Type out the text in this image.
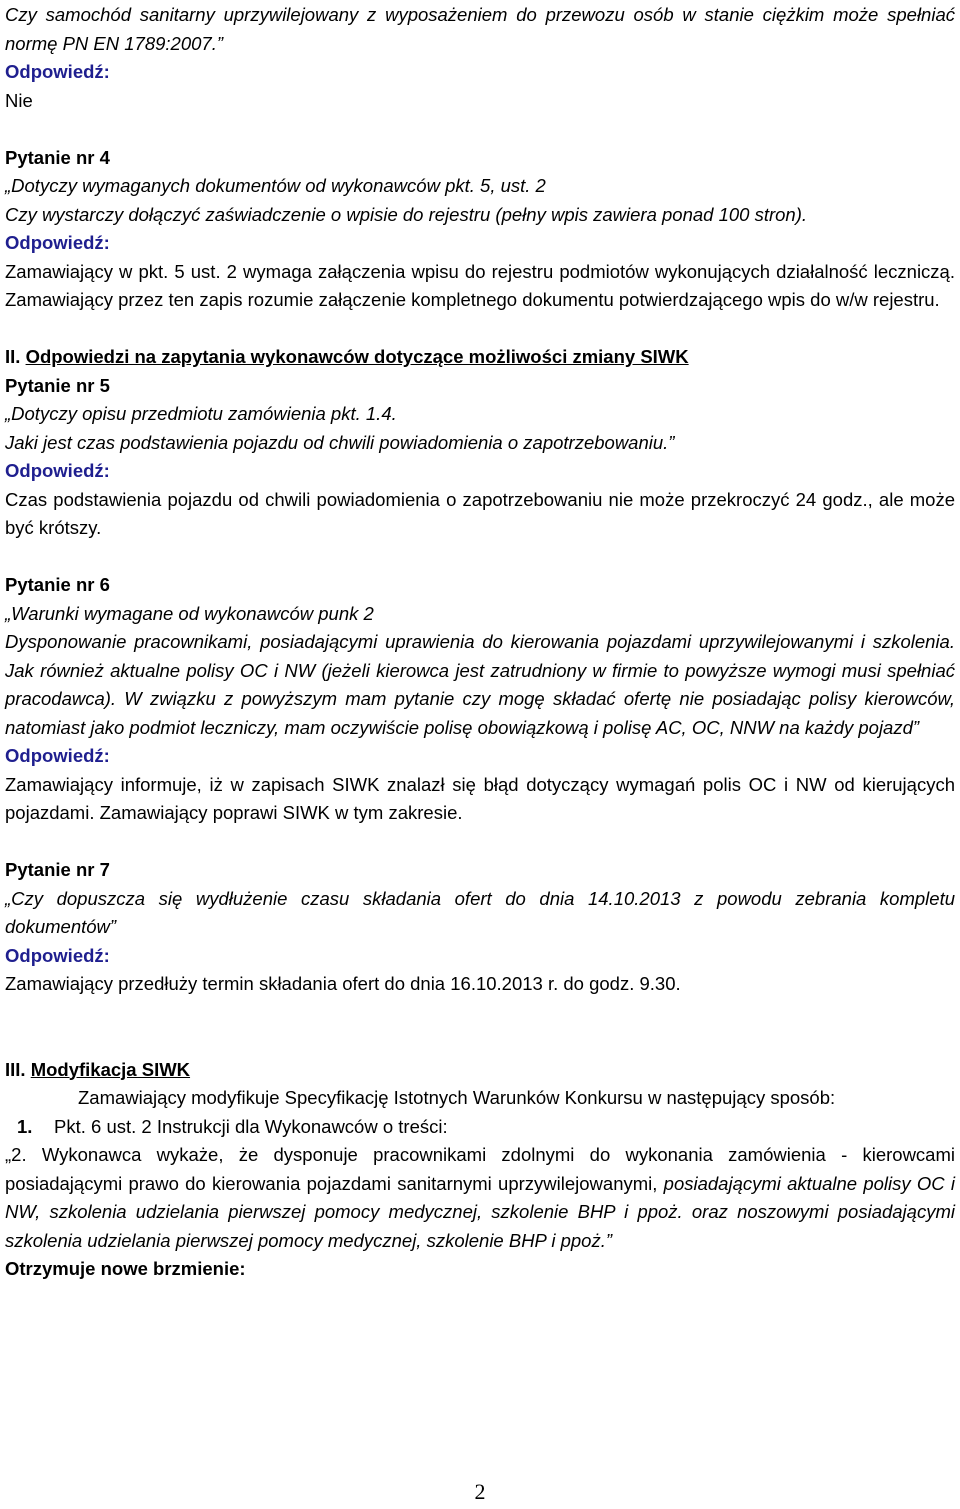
Czy samochód sanitarny uprzywilejowany z wyposażeniem do przewozu osób w stanie ciężkim może spełniać normę PN EN 1789:2007.”

Odpowiedź:

Nie

Pytanie nr 4

„Dotyczy wymaganych dokumentów od wykonawców pkt. 5, ust. 2

Czy wystarczy dołączyć zaświadczenie o wpisie do rejestru (pełny wpis zawiera ponad 100 stron).

Odpowiedź:

Zamawiający w pkt. 5 ust. 2 wymaga załączenia wpisu do rejestru podmiotów wykonujących działalność leczniczą. Zamawiający przez ten zapis rozumie załączenie kompletnego dokumentu potwierdzającego wpis do w/w rejestru.

II. Odpowiedzi na zapytania wykonawców dotyczące możliwości zmiany SIWK

Pytanie nr 5

„Dotyczy opisu przedmiotu zamówienia pkt. 1.4.

Jaki jest czas podstawienia pojazdu od chwili powiadomienia o zapotrzebowaniu.”

Odpowiedź:

Czas podstawienia pojazdu od chwili powiadomienia o zapotrzebowaniu nie może przekroczyć 24 godz., ale może być krótszy.

Pytanie nr 6

„Warunki wymagane od wykonawców punk 2

Dysponowanie pracownikami, posiadającymi uprawienia do kierowania pojazdami uprzywilejowanymi i szkolenia. Jak również aktualne polisy OC i NW (jeżeli kierowca jest zatrudniony w firmie to powyższe wymogi musi spełniać pracodawca). W związku z powyższym mam pytanie czy mogę składać ofertę nie posiadając polisy kierowców, natomiast jako podmiot leczniczy, mam oczywiście polisę obowiązkową i polisę AC, OC, NNW na każdy pojazd”

Odpowiedź:

Zamawiający informuje, iż w zapisach SIWK znalazł się błąd dotyczący wymagań polis OC i NW od kierujących pojazdami. Zamawiający poprawi SIWK w tym zakresie.

Pytanie nr 7

„Czy dopuszcza się wydłużenie czasu składania ofert do dnia 14.10.2013 z powodu zebrania kompletu dokumentów”

Odpowiedź:

Zamawiający przedłuży termin składania ofert do dnia 16.10.2013 r. do godz. 9.30.

III. Modyfikacja SIWK

Zamawiający modyfikuje Specyfikację Istotnych Warunków Konkursu w następujący sposób:

1.	Pkt. 6 ust. 2 Instrukcji dla Wykonawców o treści:

„2. Wykonawca wykaże, że dysponuje pracownikami zdolnymi do wykonania zamówienia - kierowcami posiadającymi prawo do kierowania pojazdami sanitarnymi uprzywilejowanymi, posiadającymi aktualne polisy OC i NW, szkolenia udzielania pierwszej pomocy medycznej, szkolenie BHP i ppoż. oraz noszowymi posiadającymi szkolenia udzielania pierwszej pomocy medycznej, szkolenie BHP i ppoż.”

Otrzymuje nowe brzmienie:

2
